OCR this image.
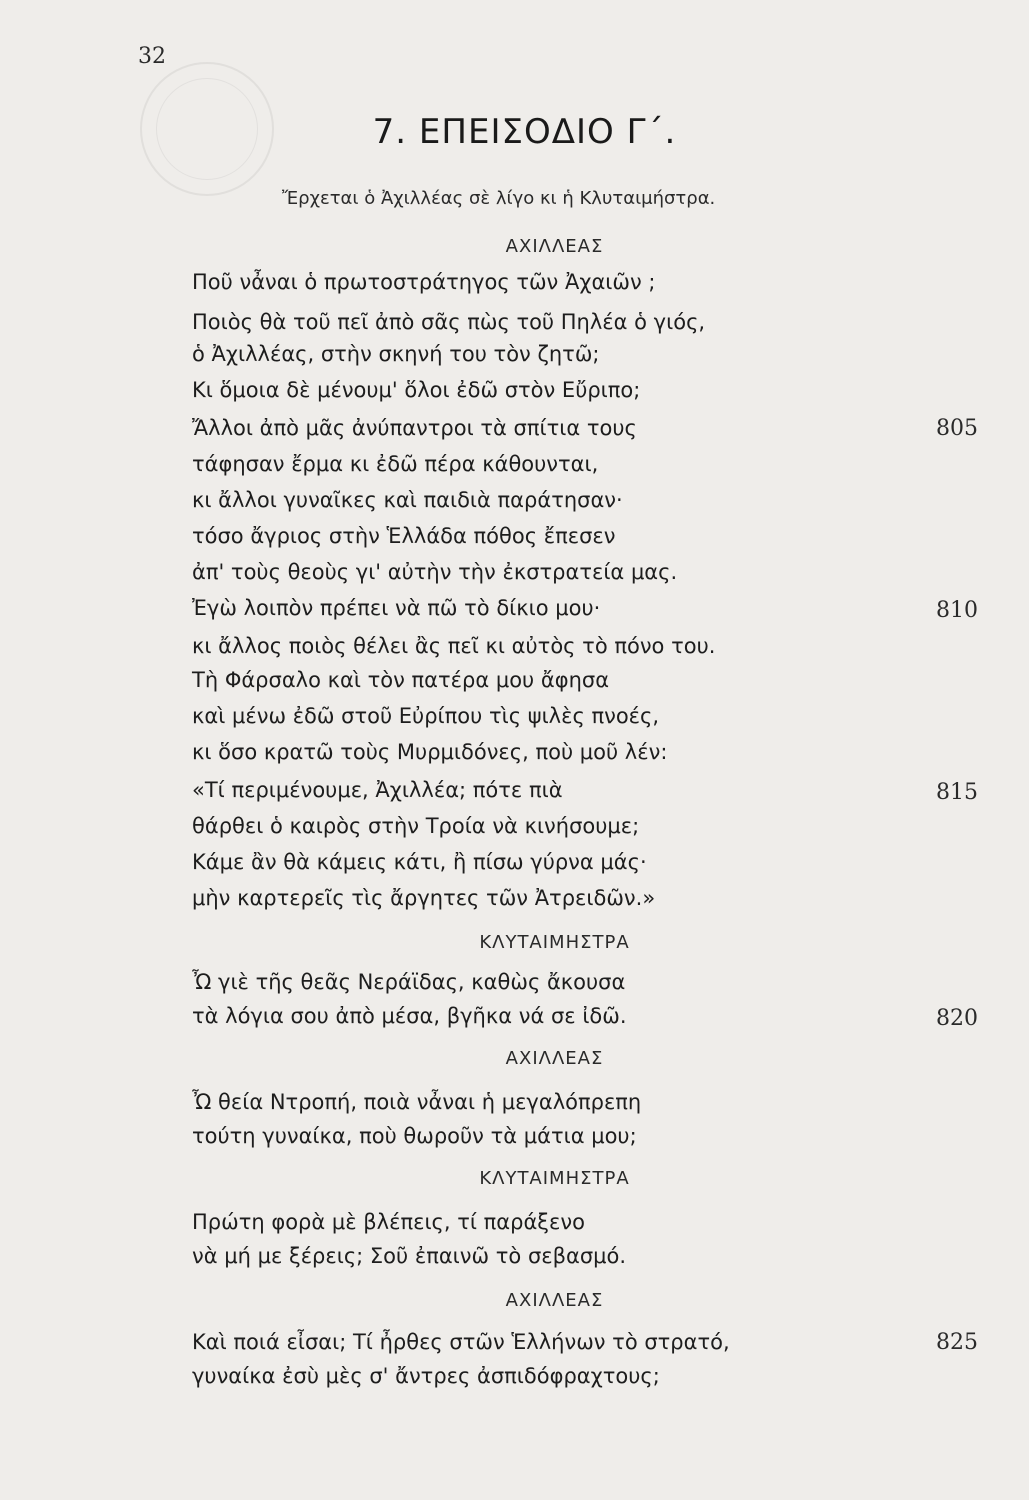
32
7. ΕΠΕΙΣΟΔΙΟ Γ΄.
Ἔρχεται ὁ Ἀχιλλέας σὲ λίγο κι ἡ Κλυταιμήστρα.
ΑΧΙΛΛΕΑΣ
ΚΛΥΤΑΙΜΗΣΤΡΑ
ΑΧΙΛΛΕΑΣ
ΚΛΥΤΑΙΜΗΣΤΡΑ
ΑΧΙΛΛΕΑΣ
Ποῦ νἆναι ὁ πρωτοστράτηγος τῶν Ἀχαιῶν ;
Ποιὸς θὰ τοῦ πεῖ ἀπὸ σᾶς πὼς τοῦ Πηλέα ὁ γιός,
ὁ Ἀχιλλέας, στὴν σκηνή του τὸν ζητῶ;
Κι ὅμοια δὲ μένουμ' ὅλοι ἐδῶ στὸν Εὔριπο;
Ἄλλοι ἀπὸ μᾶς ἀνύπαντροι τὰ σπίτια τους
τάφησαν ἔρμα κι ἐδῶ πέρα κάθουνται,
κι ἄλλοι γυναῖκες καὶ παιδιὰ παράτησαν·
τόσο ἄγριος στὴν Ἑλλάδα πόθος ἔπεσεν
ἀπ' τοὺς θεοὺς γι' αὐτὴν τὴν ἐκστρατεία μας.
Ἐγὼ λοιπὸν πρέπει νὰ πῶ τὸ δίκιο μου·
κι ἄλλος ποιὸς θέλει ἂς πεῖ κι αὐτὸς τὸ πόνο του.
Τὴ Φάρσαλο καὶ τὸν πατέρα μου ἄφησα
καὶ μένω ἐδῶ στοῦ Εὐρίπου τὶς ψιλὲς πνοές,
κι ὅσο κρατῶ τοὺς Μυρμιδόνες, ποὺ μοῦ λέν:
«Τί περιμένουμε, Ἀχιλλέα; πότε πιὰ
θάρθει ὁ καιρὸς στὴν Τροία νὰ κινήσουμε;
Κάμε ἂν θὰ κάμεις κάτι, ἢ πίσω γύρνα μάς·
μὴν καρτερεῖς τὶς ἄργητες τῶν Ἀτρειδῶν.»
Ὦ γιὲ τῆς θεᾶς Νεράϊδας, καθὼς ἄκουσα
τὰ λόγια σου ἀπὸ μέσα, βγῆκα νά σε ἰδῶ.
Ὦ θεία Ντροπή, ποιὰ νἆναι ἡ μεγαλόπρεπη
τούτη γυναίκα, ποὺ θωροῦν τὰ μάτια μου;
Πρώτη φορὰ μὲ βλέπεις, τί παράξενο
νὰ μή με ξέρεις; Σοῦ ἐπαινῶ τὸ σεβασμό.
Καὶ ποιά εἶσαι; Τί ἦρθες στῶν Ἑλλήνων τὸ στρατό,
γυναίκα ἐσὺ μὲς σ' ἄντρες ἀσπιδόφραχτους;
805
810
815
820
825
